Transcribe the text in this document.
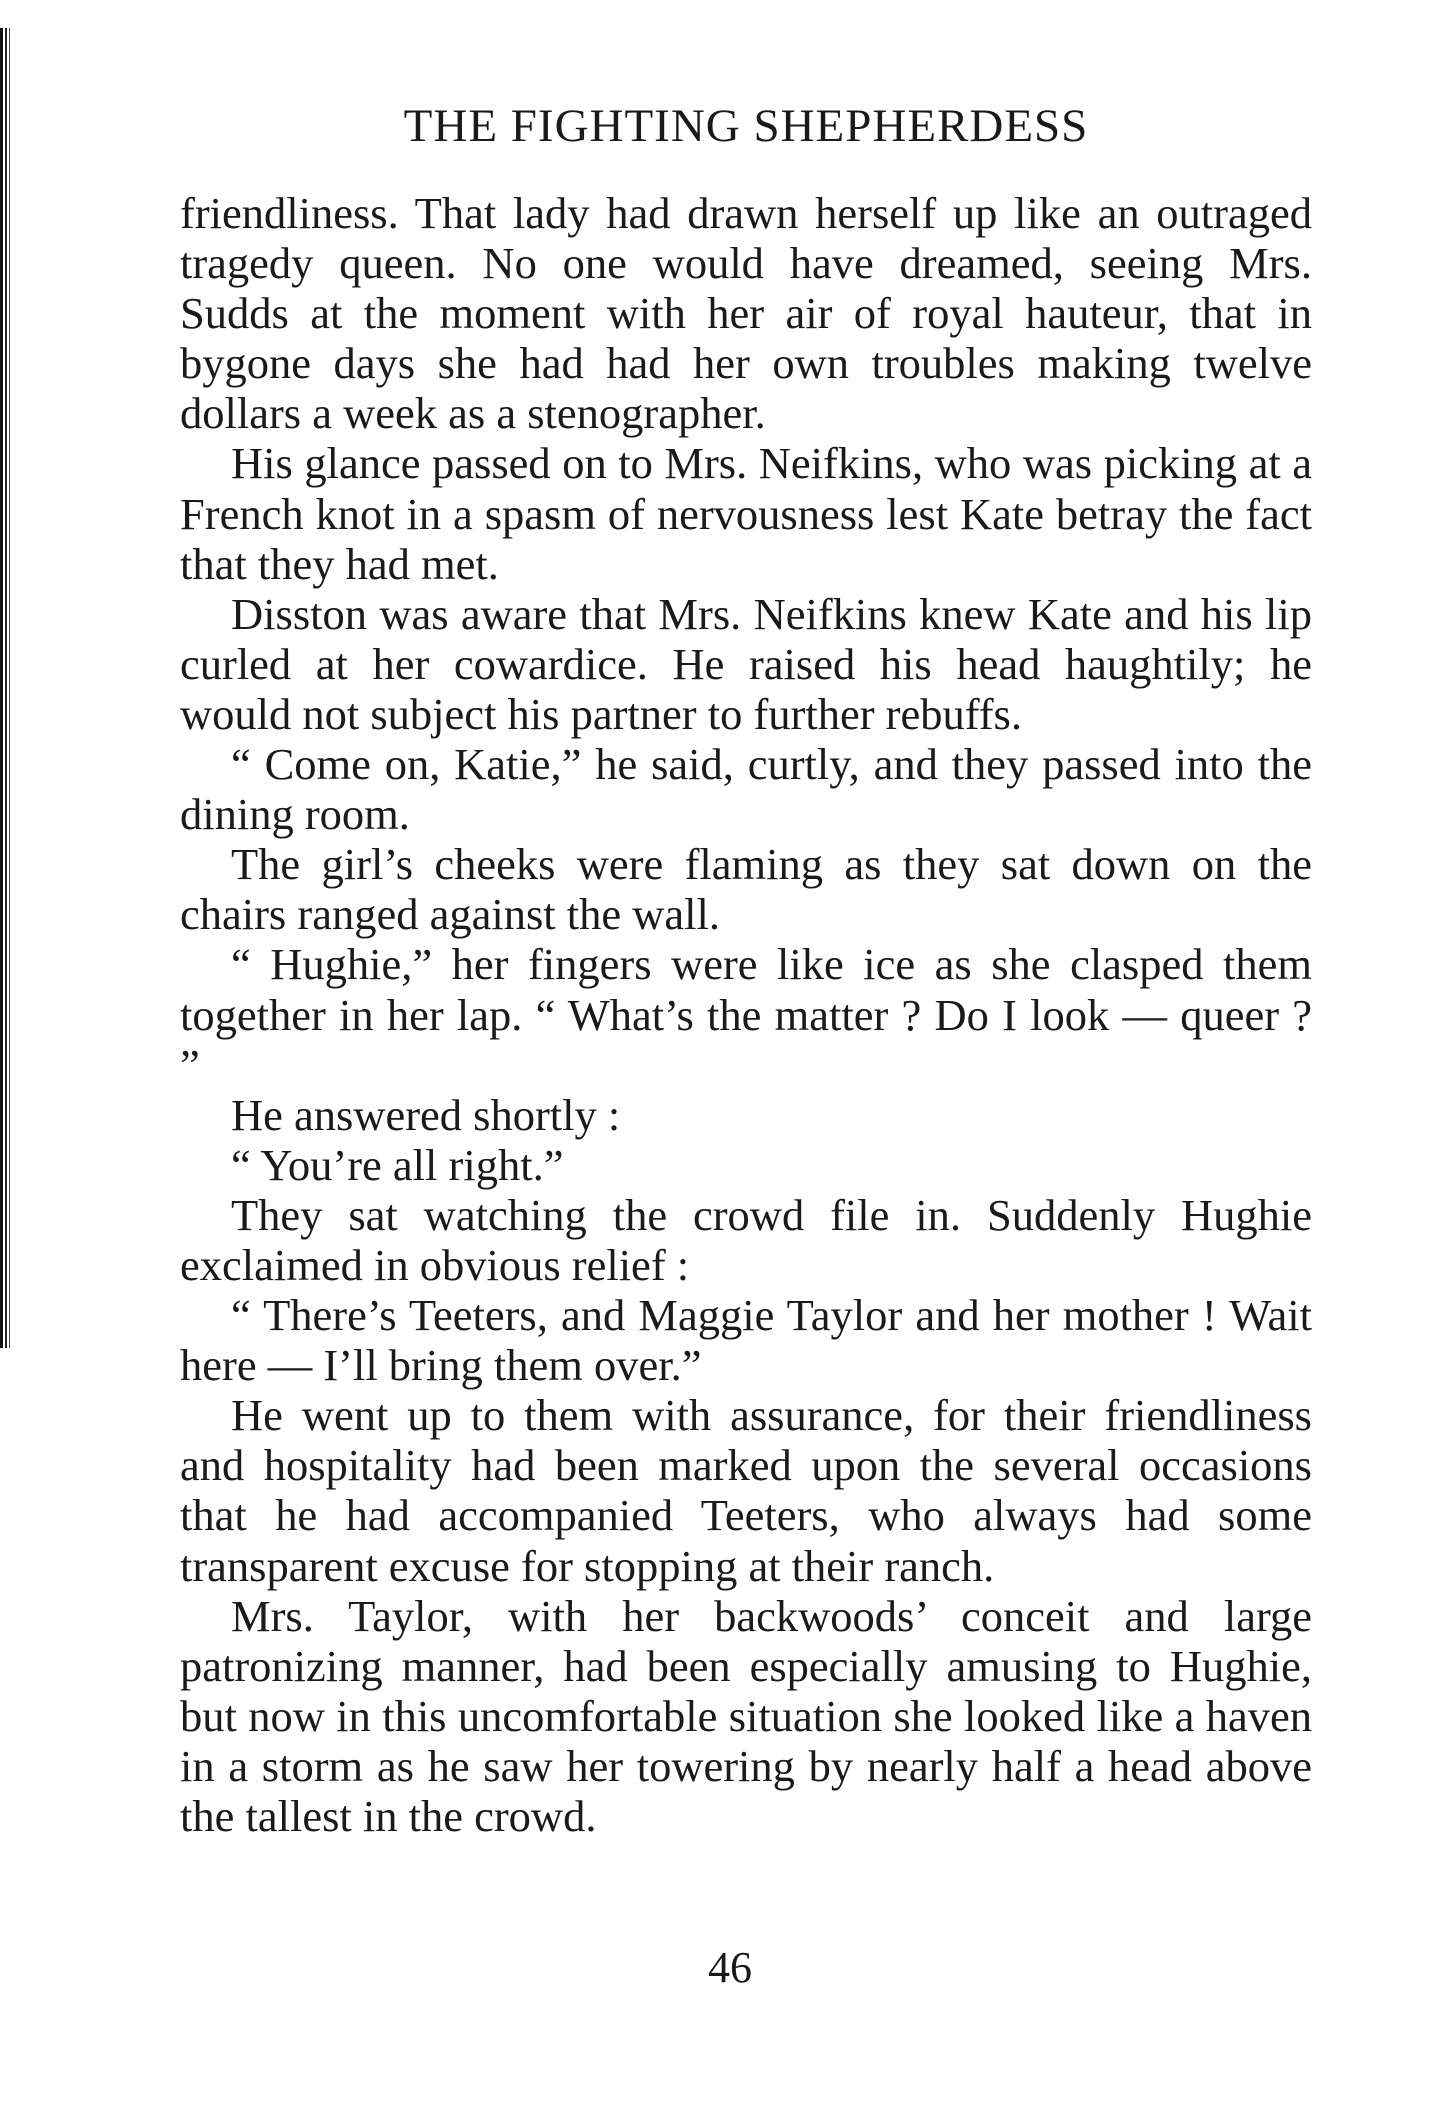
THE FIGHTING SHEPHERDESS

friendliness. That lady had drawn herself up like an outraged tragedy queen. No one would have dreamed, seeing Mrs. Sudds at the moment with her air of royal hauteur, that in bygone days she had had her own troubles making twelve dollars a week as a stenographer.

His glance passed on to Mrs. Neifkins, who was picking at a French knot in a spasm of nervousness lest Kate betray the fact that they had met.

Disston was aware that Mrs. Neifkins knew Kate and his lip curled at her cowardice. He raised his head haughtily; he would not subject his partner to further rebuffs.

“ Come on, Katie,” he said, curtly, and they passed into the dining room.

The girl’s cheeks were flaming as they sat down on the chairs ranged against the wall.

“ Hughie,” her fingers were like ice as she clasped them together in her lap. “ What’s the matter ? Do I look — queer ? ”

He answered shortly :

“ You’re all right.”

They sat watching the crowd file in. Suddenly Hughie exclaimed in obvious relief :

“ There’s Teeters, and Maggie Taylor and her mother ! Wait here — I’ll bring them over.”

He went up to them with assurance, for their friendliness and hospitality had been marked upon the several occasions that he had accompanied Teeters, who always had some transparent excuse for stopping at their ranch.

Mrs. Taylor, with her backwoods’ conceit and large patronizing manner, had been especially amusing to Hughie, but now in this uncomfortable situation she looked like a haven in a storm as he saw her towering by nearly half a head above the tallest in the crowd.

46
